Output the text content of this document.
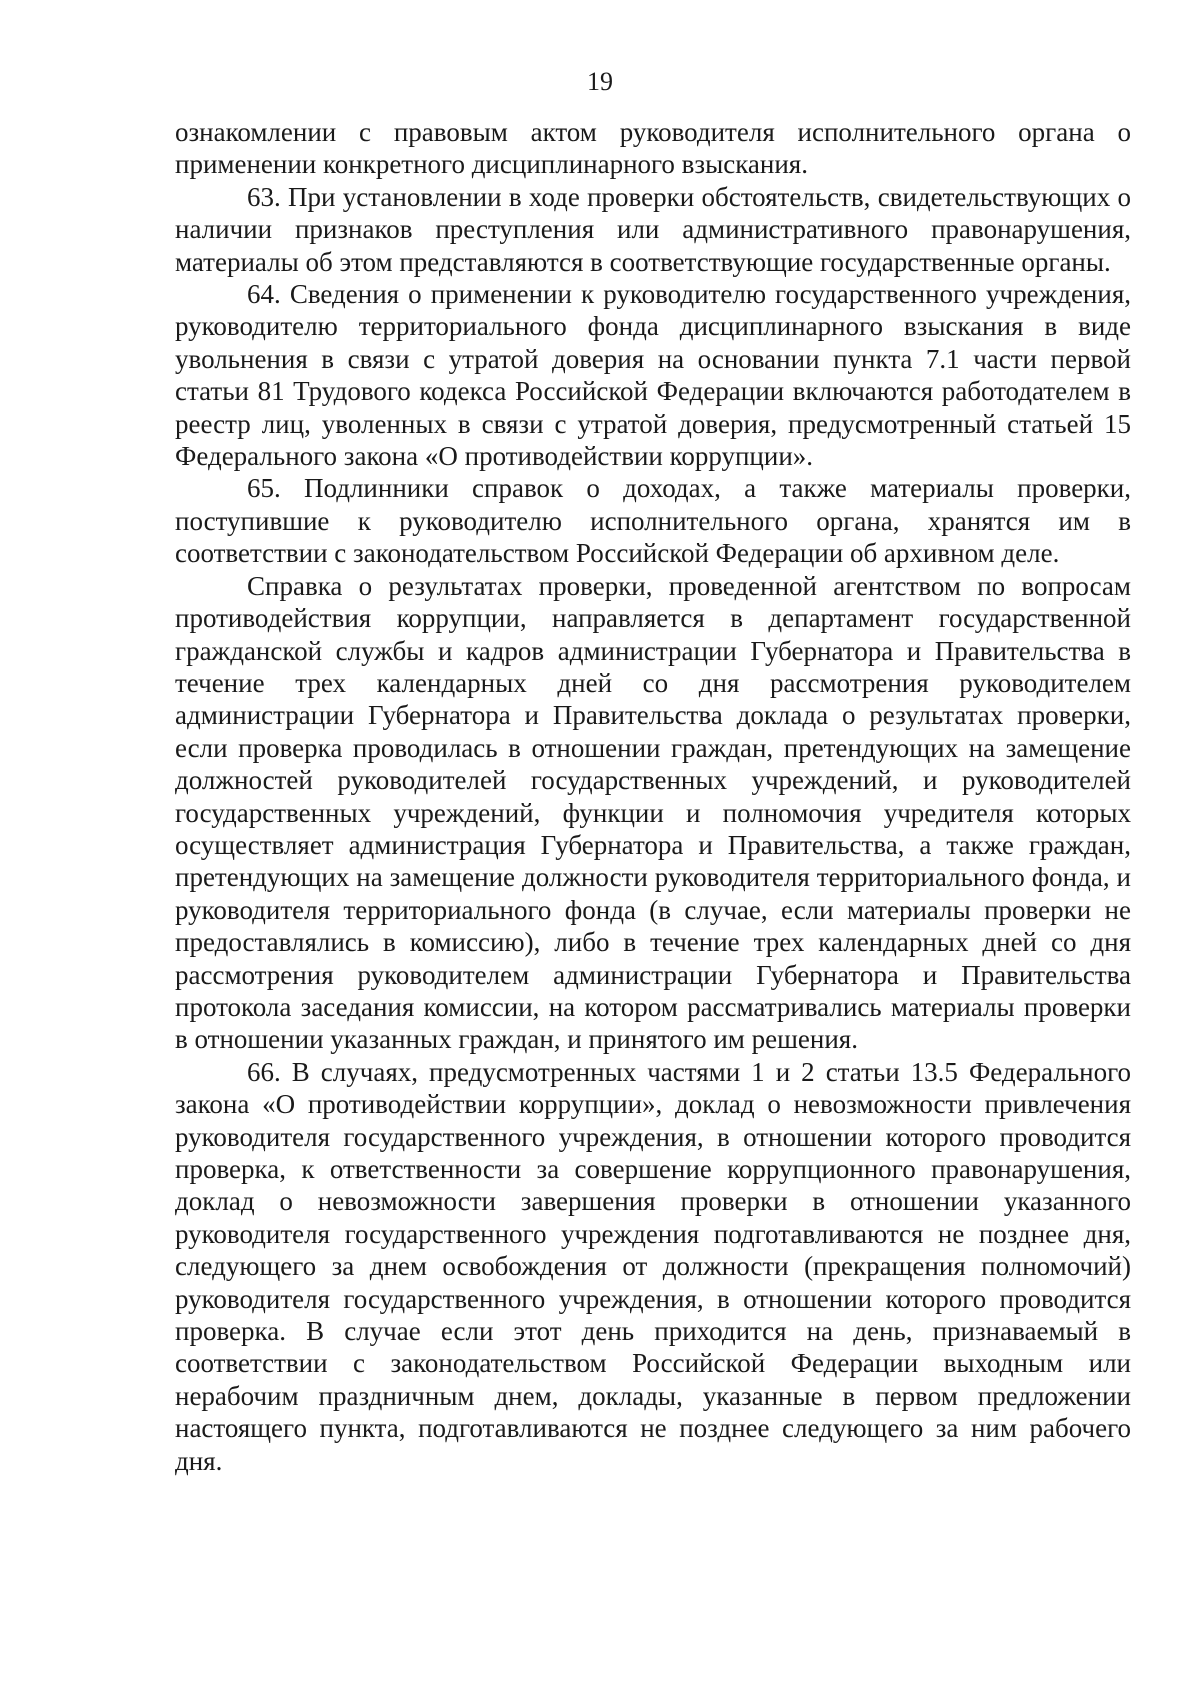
19

ознакомлении с правовым актом руководителя исполнительного органа о применении конкретного дисциплинарного взыскания.

63. При установлении в ходе проверки обстоятельств, свидетельствующих о наличии признаков преступления или административного правонарушения, материалы об этом представляются в соответствующие государственные органы.

64. Сведения о применении к руководителю государственного учреждения, руководителю территориального фонда дисциплинарного взыскания в виде увольнения в связи с утратой доверия на основании пункта 7.1 части первой статьи 81 Трудового кодекса Российской Федерации включаются работодателем в реестр лиц, уволенных в связи с утратой доверия, предусмотренный статьей 15 Федерального закона «О противодействии коррупции».

65. Подлинники справок о доходах, а также материалы проверки, поступившие к руководителю исполнительного органа, хранятся им в соответствии с законодательством Российской Федерации об архивном деле.

Справка о результатах проверки, проведенной агентством по вопросам противодействия коррупции, направляется в департамент государственной гражданской службы и кадров администрации Губернатора и Правительства в течение трех календарных дней со дня рассмотрения руководителем администрации Губернатора и Правительства доклада о результатах проверки, если проверка проводилась в отношении граждан, претендующих на замещение должностей руководителей государственных учреждений, и руководителей государственных учреждений, функции и полномочия учредителя которых осуществляет администрация Губернатора и Правительства, а также граждан, претендующих на замещение должности руководителя территориального фонда, и руководителя территориального фонда (в случае, если материалы проверки не предоставлялись в комиссию), либо в течение трех календарных дней со дня рассмотрения руководителем администрации Губернатора и Правительства протокола заседания комиссии, на котором рассматривались материалы проверки в отношении указанных граждан, и принятого им решения.

66. В случаях, предусмотренных частями 1 и 2 статьи 13.5 Федерального закона «О противодействии коррупции», доклад о невозможности привлечения руководителя государственного учреждения, в отношении которого проводится проверка, к ответственности за совершение коррупционного правонарушения, доклад о невозможности завершения проверки в отношении указанного руководителя государственного учреждения подготавливаются не позднее дня, следующего за днем освобождения от должности (прекращения полномочий) руководителя государственного учреждения, в отношении которого проводится проверка. В случае если этот день приходится на день, признаваемый в соответствии с законодательством Российской Федерации выходным или нерабочим праздничным днем, доклады, указанные в первом предложении настоящего пункта, подготавливаются не позднее следующего за ним рабочего дня.
